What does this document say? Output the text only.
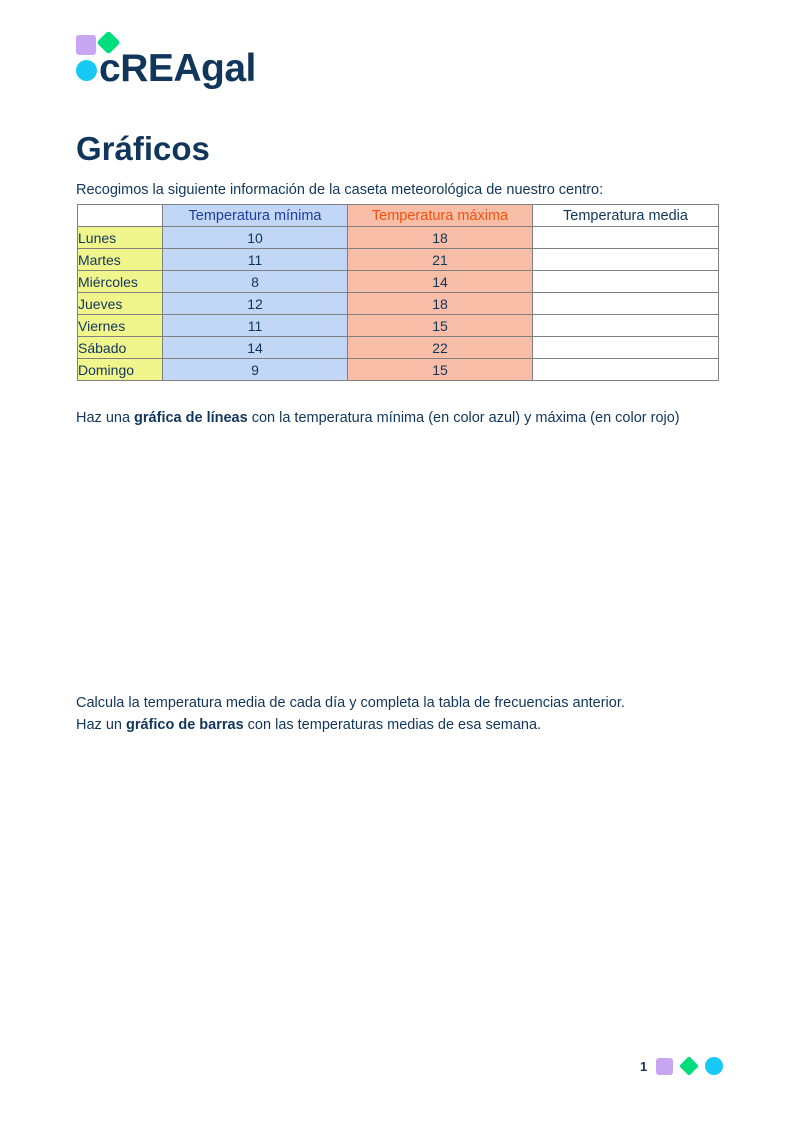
cREAgal
Gráficos
Recogimos la siguiente información de la caseta meteorológica de nuestro centro:
	Temperatura mínima	Temperatura máxima	Temperatura media
Lunes	10	18	
Martes	11	21	
Miércoles	8	14	
Jueves	12	18	
Viernes	11	15	
Sábado	14	22	
Domingo	9	15	
Haz una gráfica de líneas con la temperatura mínima (en color azul) y máxima (en color rojo)
Calcula la temperatura media de cada día y completa la tabla de frecuencias anterior.
Haz un gráfico de barras con las temperaturas medias de esa semana.
1
